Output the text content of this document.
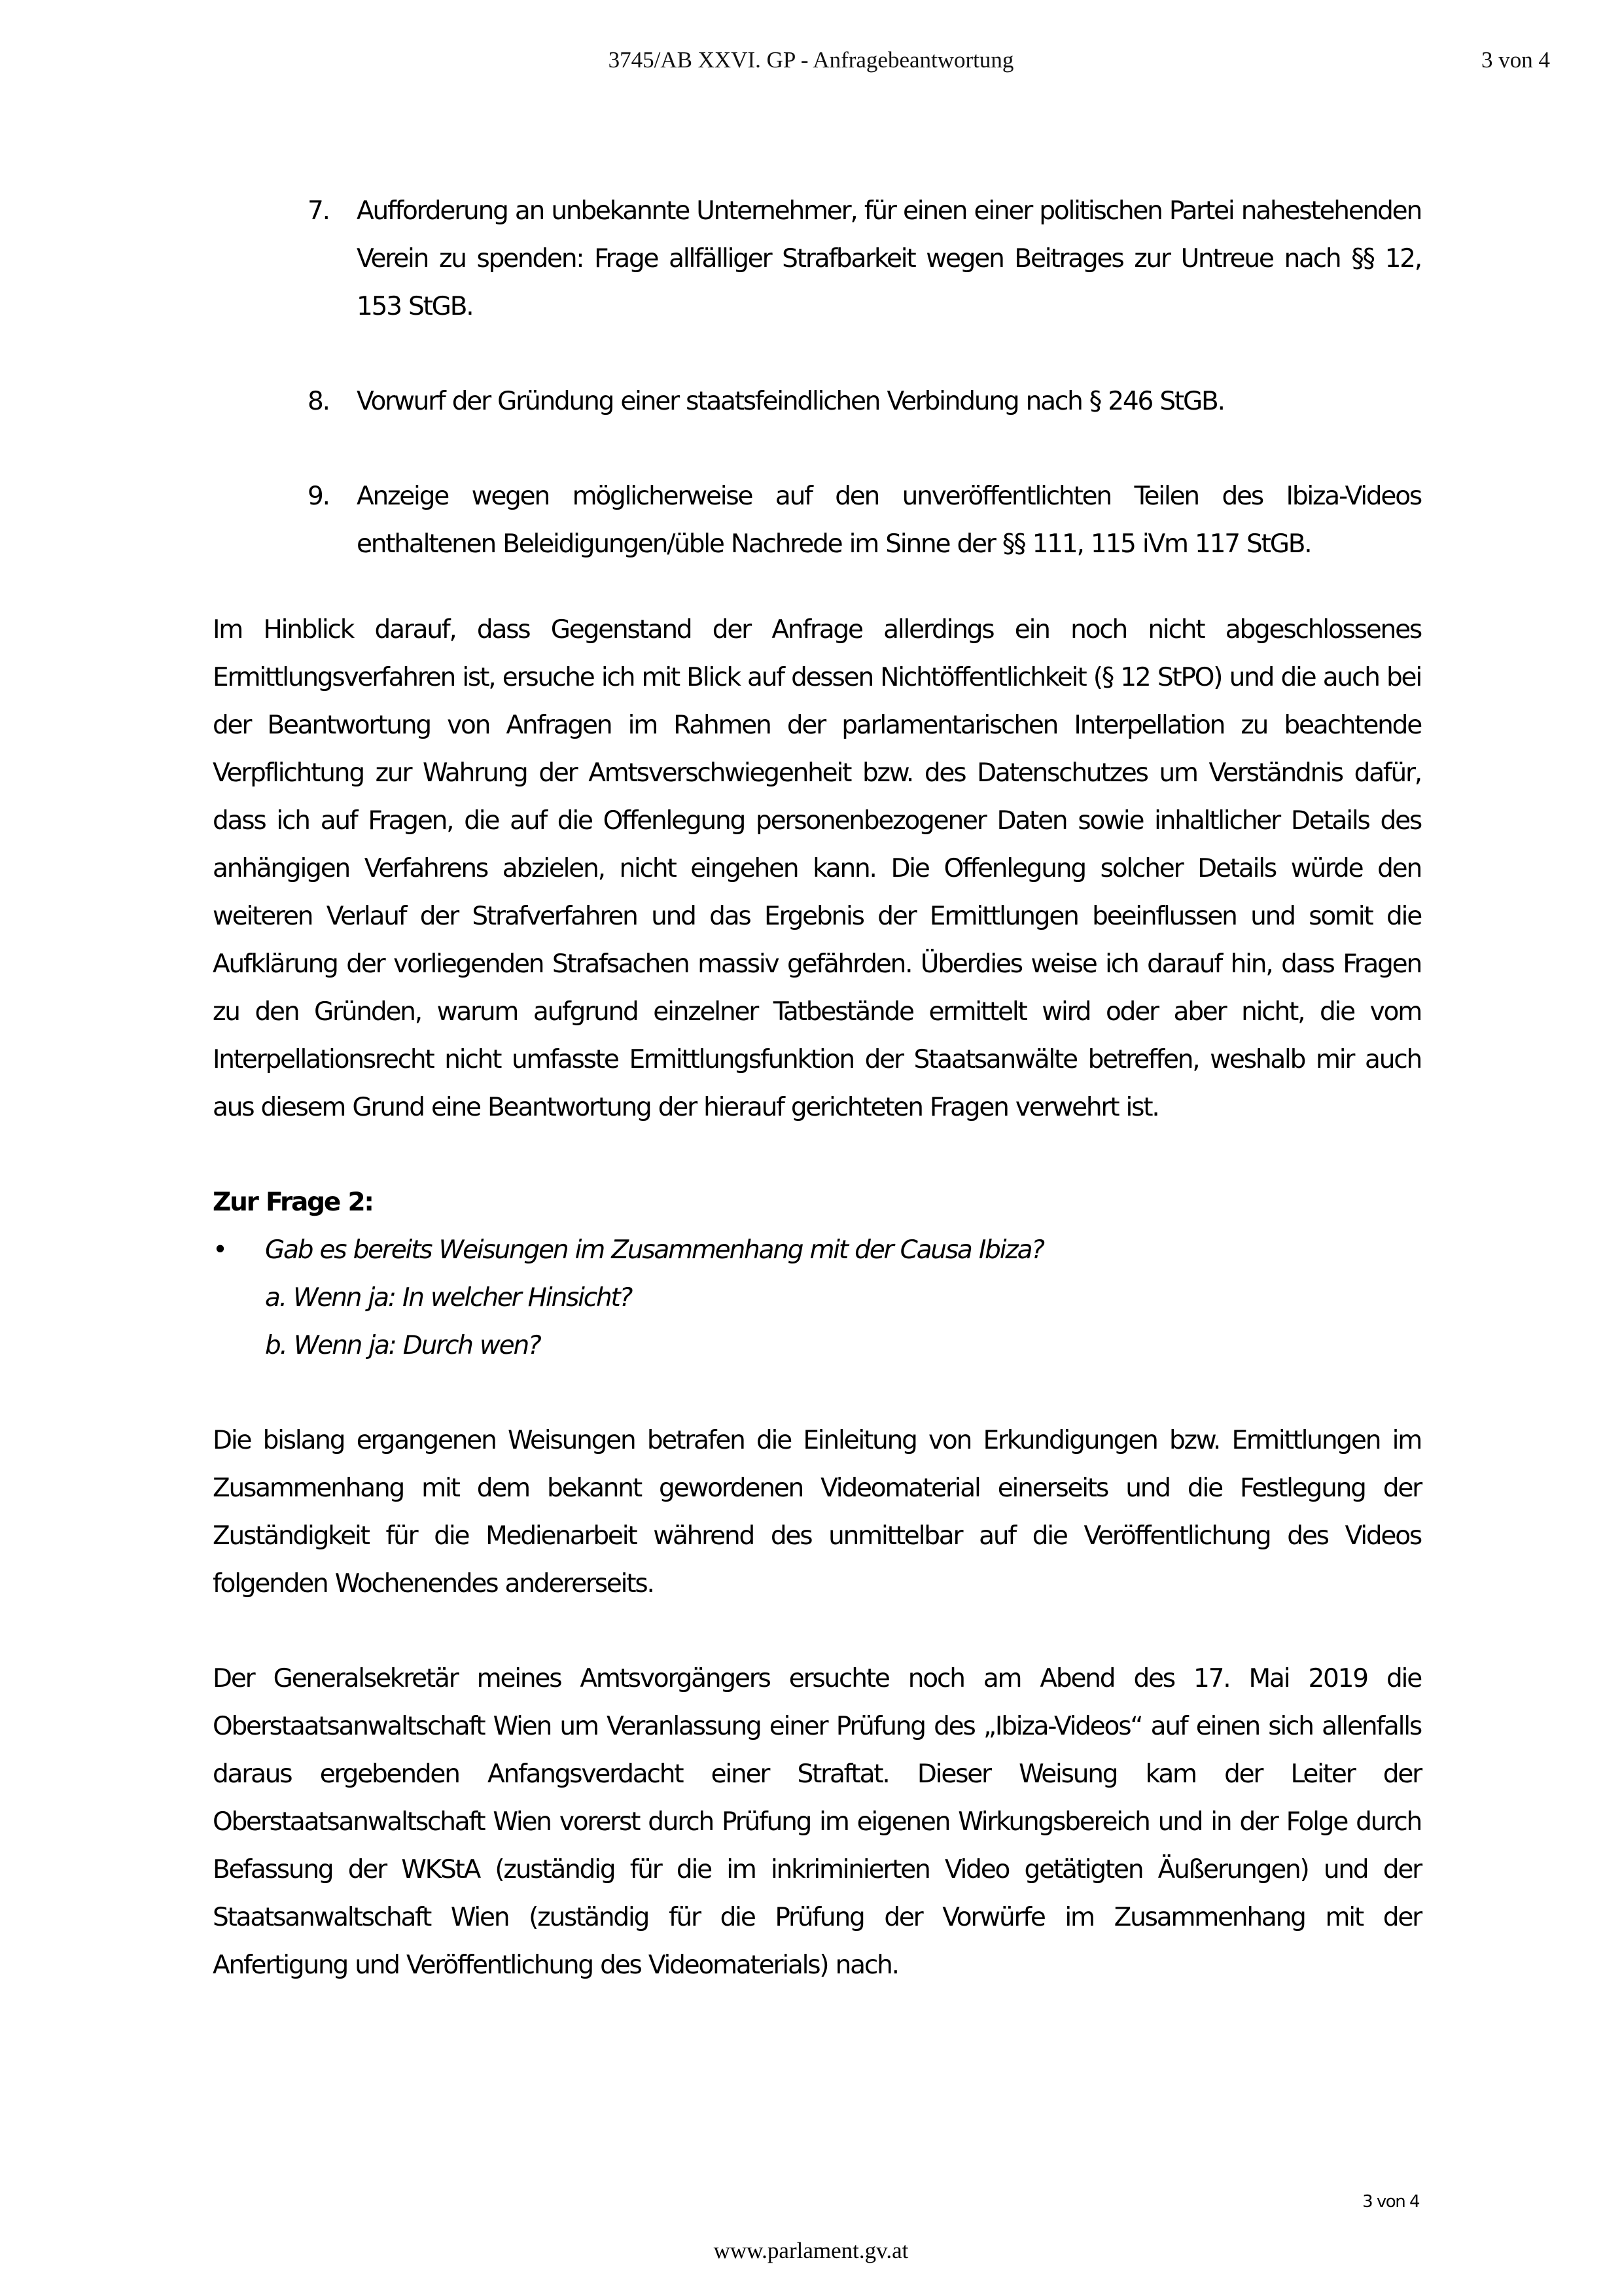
3745/AB XXVI. GP - Anfragebeantwortung	3 von 4
7. Aufforderung an unbekannte Unternehmer, für einen einer politischen Partei nahestehenden Verein zu spenden: Frage allfälliger Strafbarkeit wegen Beitrages zur Untreue nach §§ 12, 153 StGB.
8. Vorwurf der Gründung einer staatsfeindlichen Verbindung nach § 246 StGB.
9. Anzeige wegen möglicherweise auf den unveröffentlichten Teilen des Ibiza-Videos enthaltenen Beleidigungen/üble Nachrede im Sinne der §§ 111, 115 iVm 117 StGB.

Im Hinblick darauf, dass Gegenstand der Anfrage allerdings ein noch nicht abgeschlossenes Ermittlungsverfahren ist, ersuche ich mit Blick auf dessen Nichtöffentlichkeit (§ 12 StPO) und die auch bei der Beantwortung von Anfragen im Rahmen der parlamentarischen Interpellation zu beachtende Verpflichtung zur Wahrung der Amtsverschwiegenheit bzw. des Datenschutzes um Verständnis dafür, dass ich auf Fragen, die auf die Offenlegung personenbezogener Daten sowie inhaltlicher Details des anhängigen Verfahrens abzielen, nicht eingehen kann. Die Offenlegung solcher Details würde den weiteren Verlauf der Strafverfahren und das Ergebnis der Ermittlungen beeinflussen und somit die Aufklärung der vorliegenden Strafsachen massiv gefährden. Überdies weise ich darauf hin, dass Fragen zu den Gründen, warum aufgrund einzelner Tatbestände ermittelt wird oder aber nicht, die vom Interpellationsrecht nicht umfasste Ermittlungsfunktion der Staatsanwälte betreffen, weshalb mir auch aus diesem Grund eine Beantwortung der hierauf gerichteten Fragen verwehrt ist.

Zur Frage 2:
•	Gab es bereits Weisungen im Zusammenhang mit der Causa Ibiza?
a. Wenn ja: In welcher Hinsicht?
b. Wenn ja: Durch wen?

Die bislang ergangenen Weisungen betrafen die Einleitung von Erkundigungen bzw. Ermittlungen im Zusammenhang mit dem bekannt gewordenen Videomaterial einerseits und die Festlegung der Zuständigkeit für die Medienarbeit während des unmittelbar auf die Veröffentlichung des Videos folgenden Wochenendes andererseits.

Der Generalsekretär meines Amtsvorgängers ersuchte noch am Abend des 17. Mai 2019 die Oberstaatsanwaltschaft Wien um Veranlassung einer Prüfung des „Ibiza-Videos“ auf einen sich allenfalls daraus ergebenden Anfangsverdacht einer Straftat. Dieser Weisung kam der Leiter der Oberstaatsanwaltschaft Wien vorerst durch Prüfung im eigenen Wirkungsbereich und in der Folge durch Befassung der WKStA (zuständig für die im inkriminierten Video getätigten Äußerungen) und der Staatsanwaltschaft Wien (zuständig für die Prüfung der Vorwürfe im Zusammenhang mit der Anfertigung und Veröffentlichung des Videomaterials) nach.

3 von 4
www.parlament.gv.at
